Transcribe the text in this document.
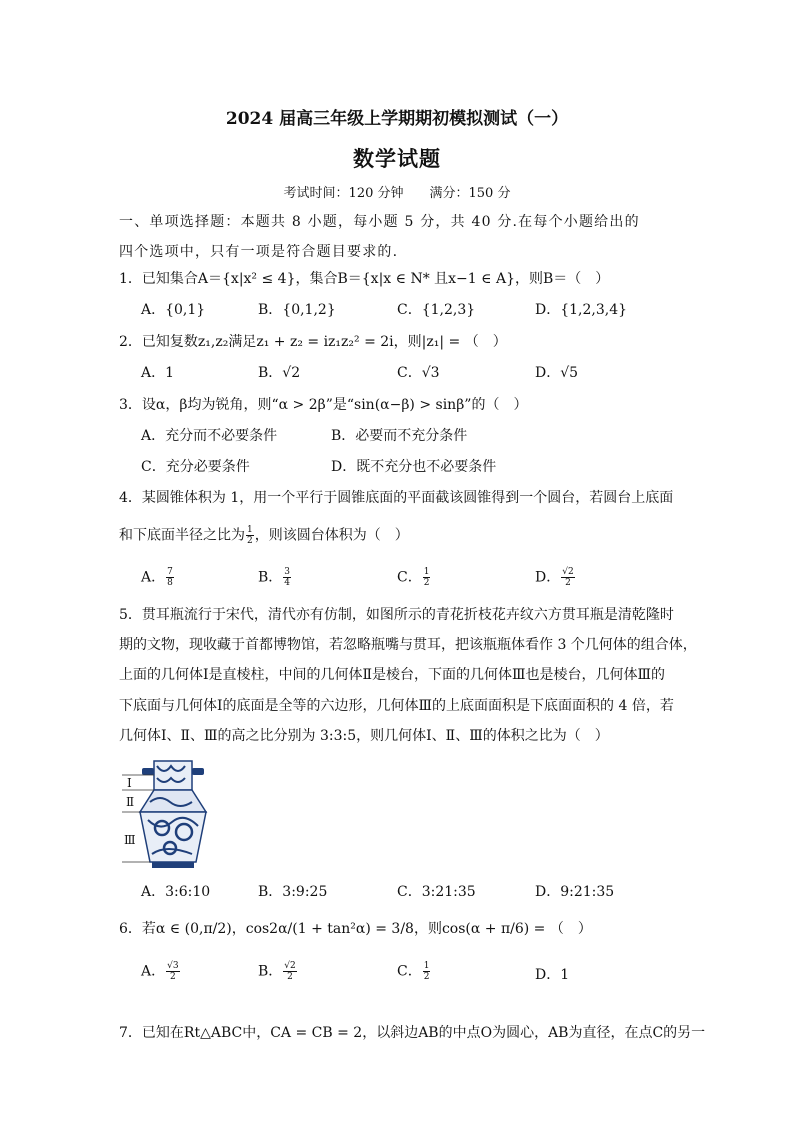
2024 届高三年级上学期期初模拟测试（一）
数学试题
考试时间：120 分钟 满分：150 分
一、单项选择题：本题共 8 小题，每小题 5 分，共 40 分.在每个小题给出的
四个选项中，只有一项是符合题目要求的.
1．已知集合A＝{x|x² ≤ 4}，集合B＝{x|x ∈ N* 且x−1 ∈ A}，则B＝（　）
A．{0,1}	B．{0,1,2}	C．{1,2,3}	D．{1,2,3,4}
2．已知复数z₁,z₂满足z₁ + z₂ = iz₁z₂² = 2i，则|z₁| = （　）
A．1	B．√2	C．√3	D．√5
3．设α，β均为锐角，则“α > 2β”是“sin(α−β) > sinβ”的（　）
A．充分而不必要条件	B．必要而不充分条件
C．充分必要条件	D．既不充分也不必要条件
4．某圆锥体积为 1，用一个平行于圆锥底面的平面截该圆锥得到一个圆台，若圆台上底面
和下底面半径之比为 $\frac{1}{2}$ ，则该圆台体积为（　）
A． $\frac{7}{8}$	B． $\frac{3}{4}$	C． $\frac{1}{2}$	D． $\frac{√2}{2}$
5．贯耳瓶流行于宋代，清代亦有仿制，如图所示的青花折枝花卉纹六方贯耳瓶是清乾隆时
期的文物，现收藏于首都博物馆，若忽略瓶嘴与贯耳，把该瓶瓶体看作 3 个几何体的组合体，
上面的几何体Ⅰ是直棱柱，中间的几何体Ⅱ是棱台，下面的几何体Ⅲ也是棱台，几何体Ⅲ的
下底面与几何体Ⅰ的底面是全等的六边形，几何体Ⅲ的上底面面积是下底面面积的 4 倍，若
几何体Ⅰ、Ⅱ、Ⅲ的高之比分别为 3:3:5，则几何体Ⅰ、Ⅱ、Ⅲ的体积之比为（　）
Ⅰ
Ⅱ
Ⅲ
A．3:6:10	B．3:9:25	C．3:21:35	D．9:21:35
6．若α ∈ (0,π/2)，cos2α/(1 + tan²α) = 3/8，则cos(α + π/6) = （　）
A． $\frac{√3}{2}$	B． $\frac{√2}{2}$	C． $\frac{1}{2}$	D．1
7．已知在Rt△ABC中，CA = CB = 2，以斜边AB的中点O为圆心，AB为直径，在点C的另一
